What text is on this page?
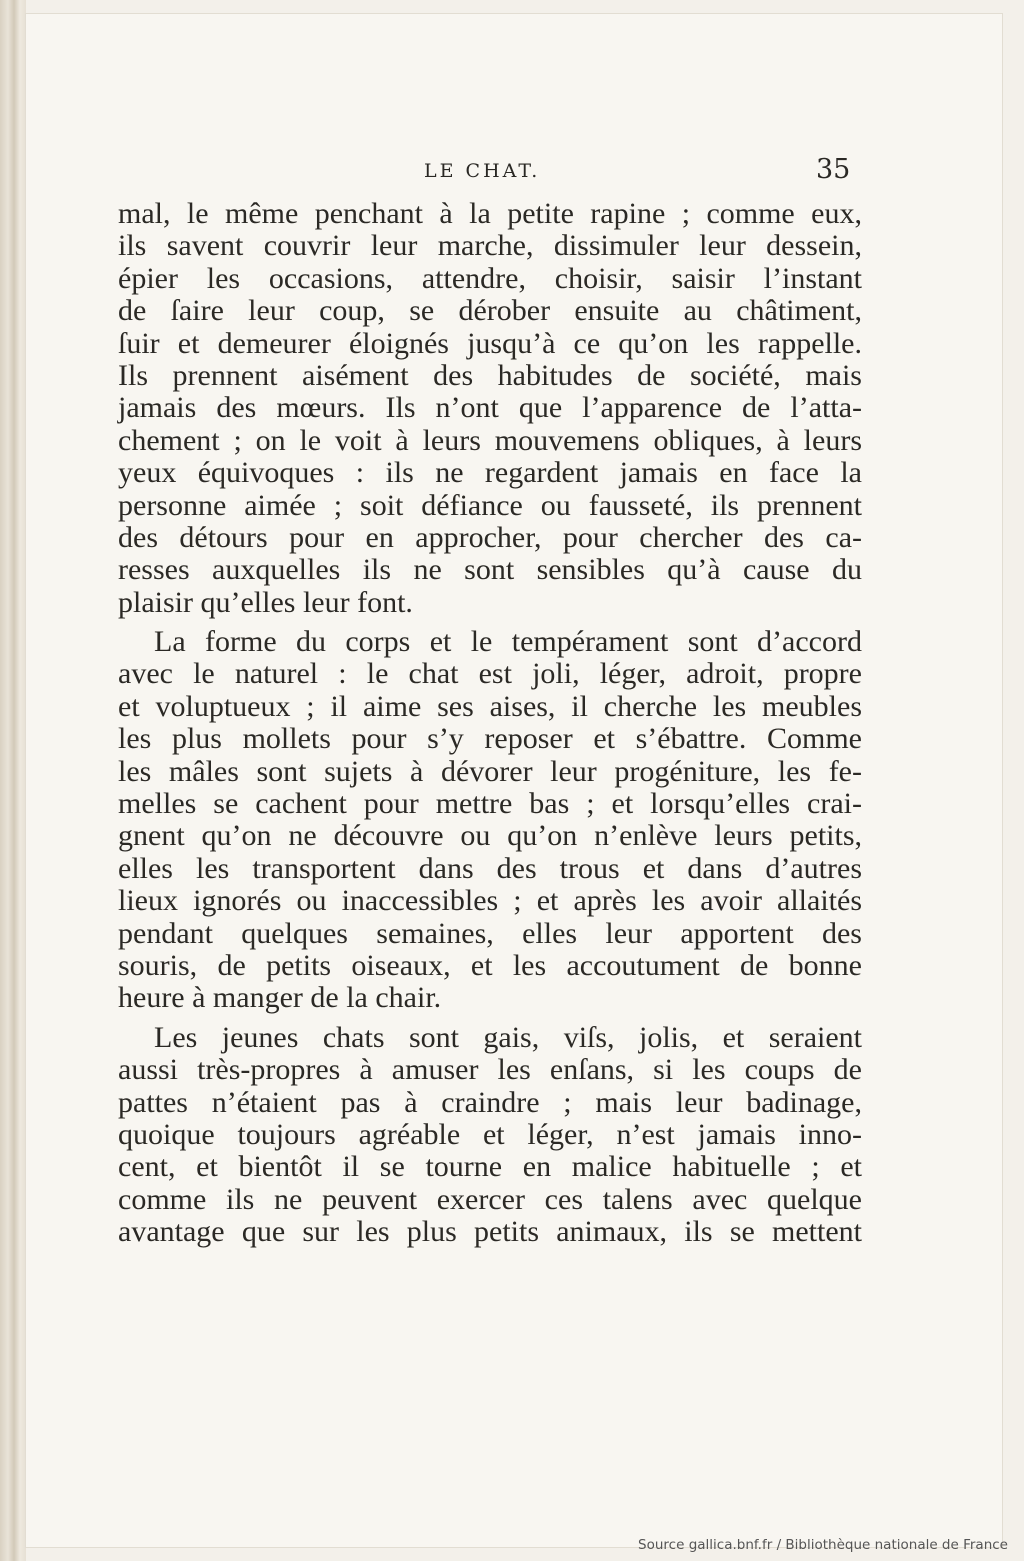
LE CHAT.	35
mal, le même penchant à la petite rapine ; comme eux,
ils savent couvrir leur marche, dissimuler leur dessein,
épier les occasions, attendre, choisir, saisir l’instant
de ſaire leur coup, se dérober ensuite au châtiment,
ſuir et demeurer éloignés jusqu’à ce qu’on les rappelle.
Ils prennent aisément des habitudes de société, mais
jamais des mœurs. Ils n’ont que l’apparence de l’atta-
chement ; on le voit à leurs mouvemens obliques, à leurs
yeux équivoques : ils ne regardent jamais en face la
personne aimée ; soit défiance ou fausseté, ils prennent
des détours pour en approcher, pour chercher des ca-
resses auxquelles ils ne sont sensibles qu’à cause du
plaisir qu’elles leur font.
La forme du corps et le tempérament sont d’accord
avec le naturel : le chat est joli, léger, adroit, propre
et voluptueux ; il aime ses aises, il cherche les meubles
les plus mollets pour s’y reposer et s’ébattre. Comme
les mâles sont sujets à dévorer leur progéniture, les fe-
melles se cachent pour mettre bas ; et lorsqu’elles crai-
gnent qu’on ne découvre ou qu’on n’enlève leurs petits,
elles les transportent dans des trous et dans d’autres
lieux ignorés ou inaccessibles ; et après les avoir allaités
pendant quelques semaines, elles leur apportent des
souris, de petits oiseaux, et les accoutument de bonne
heure à manger de la chair.
Les jeunes chats sont gais, viſs, jolis, et seraient
aussi très-propres à amuser les enſans, si les coups de
pattes n’étaient pas à craindre ; mais leur badinage,
quoique toujours agréable et léger, n’est jamais inno-
cent, et bientôt il se tourne en malice habituelle ; et
comme ils ne peuvent exercer ces talens avec quelque
avantage que sur les plus petits animaux, ils se mettent
Source gallica.bnf.fr / Bibliothèque nationale de France
